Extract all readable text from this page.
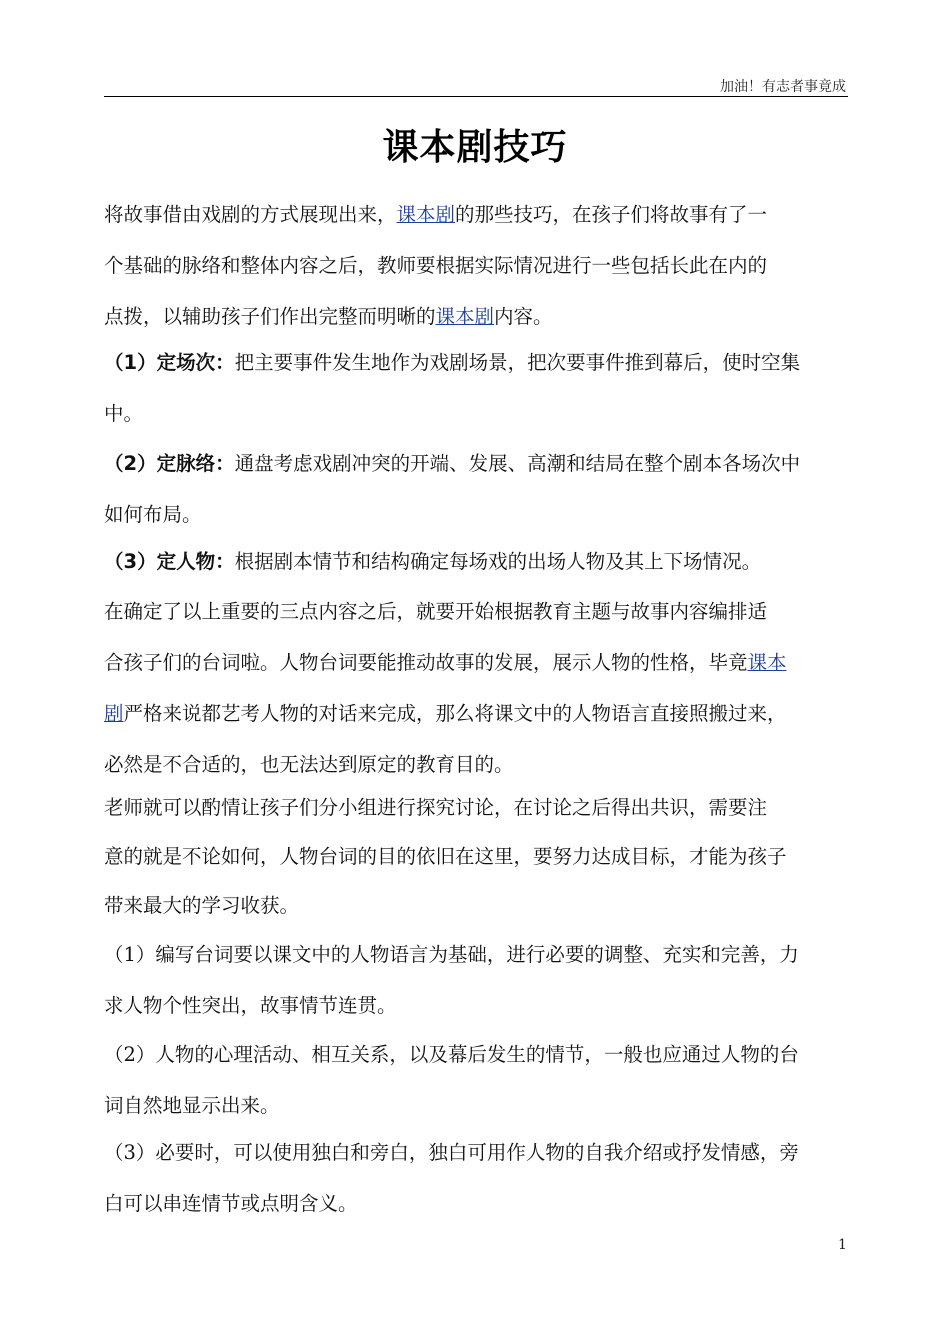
加油！有志者事竟成
课本剧技巧
将故事借由戏剧的方式展现出来，课本剧的那些技巧，在孩子们将故事有了一
个基础的脉络和整体内容之后，教师要根据实际情况进行一些包括长此在内的
点拨，以辅助孩子们作出完整而明晰的课本剧内容。
（1）定场次：把主要事件发生地作为戏剧场景，把次要事件推到幕后，使时空集
中。
（2）定脉络：通盘考虑戏剧冲突的开端、发展、高潮和结局在整个剧本各场次中
如何布局。
（3）定人物：根据剧本情节和结构确定每场戏的出场人物及其上下场情况。
在确定了以上重要的三点内容之后，就要开始根据教育主题与故事内容编排适
合孩子们的台词啦。人物台词要能推动故事的发展，展示人物的性格，毕竟课本
剧严格来说都艺考人物的对话来完成，那么将课文中的人物语言直接照搬过来，
必然是不合适的，也无法达到原定的教育目的。
老师就可以酌情让孩子们分小组进行探究讨论，在讨论之后得出共识，需要注
意的就是不论如何，人物台词的目的依旧在这里，要努力达成目标，才能为孩子
带来最大的学习收获。
（1）编写台词要以课文中的人物语言为基础，进行必要的调整、充实和完善，力
求人物个性突出，故事情节连贯。
（2）人物的心理活动、相互关系，以及幕后发生的情节，一般也应通过人物的台
词自然地显示出来。
（3）必要时，可以使用独白和旁白，独白可用作人物的自我介绍或抒发情感，旁
白可以串连情节或点明含义。
1
